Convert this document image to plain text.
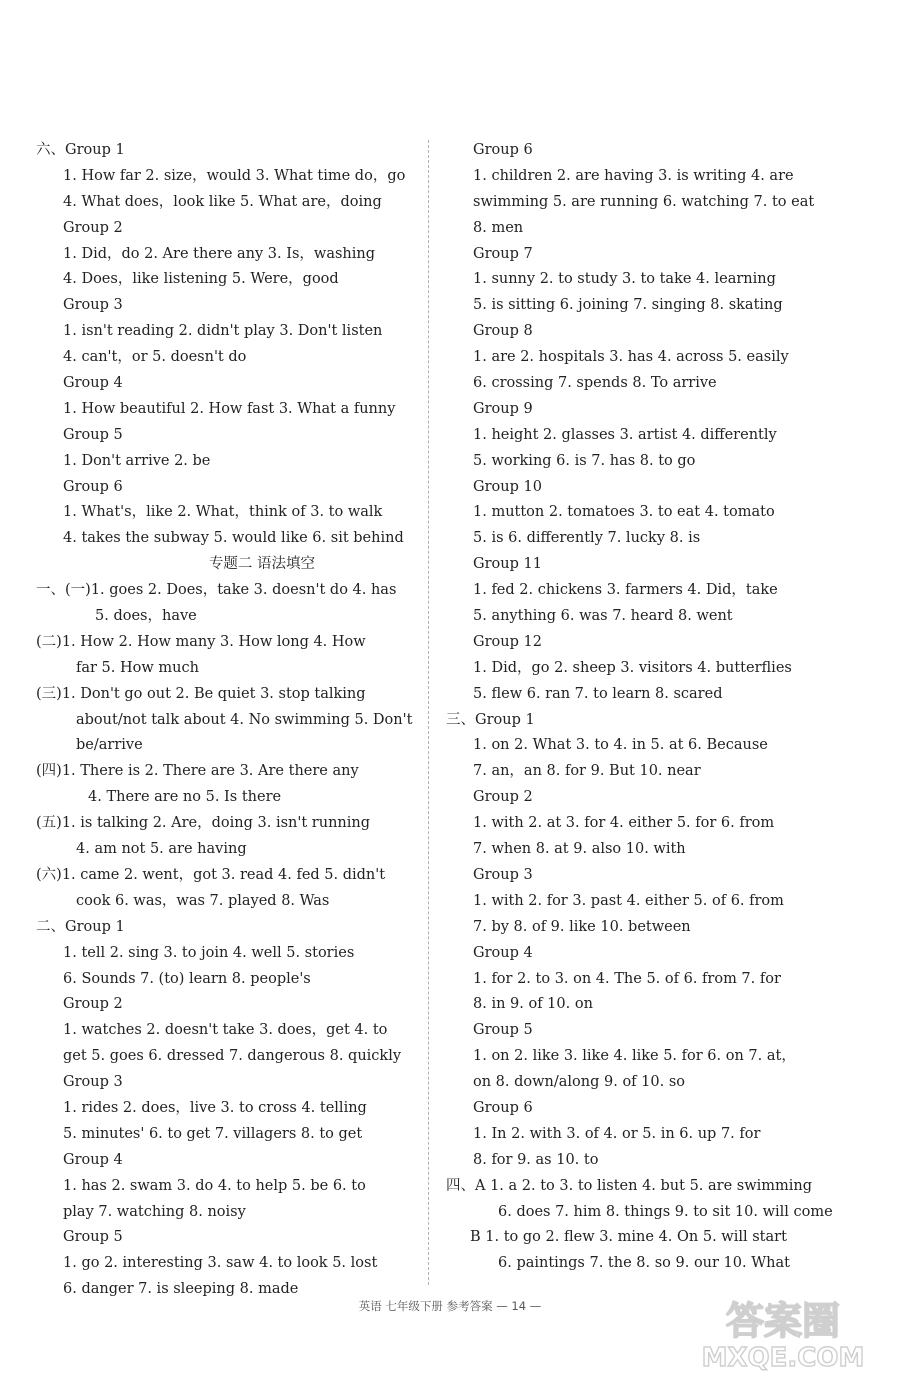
六、Group 1
1. How far 2. size，would 3. What time do，go
4. What does，look like 5. What are，doing
Group 2
1. Did，do 2. Are there any 3. Is，washing
4. Does，like listening 5. Were，good
Group 3
1. isn't reading 2. didn't play 3. Don't listen
4. can't，or 5. doesn't do
Group 4
1. How beautiful 2. How fast 3. What a funny
Group 5
1. Don't arrive 2. be
Group 6
1. What's，like 2. What，think of 3. to walk
4. takes the subway 5. would like 6. sit behind
专题二 语法填空
一、(一)1. goes 2. Does，take 3. doesn't do 4. has
5. does，have
(二)1. How 2. How many 3. How long 4. How
far 5. How much
(三)1. Don't go out 2. Be quiet 3. stop talking
about/not talk about 4. No swimming 5. Don't
be/arrive
(四)1. There is 2. There are 3. Are there any
4. There are no 5. Is there
(五)1. is talking 2. Are，doing 3. isn't running
4. am not 5. are having
(六)1. came 2. went，got 3. read 4. fed 5. didn't
cook 6. was，was 7. played 8. Was
二、Group 1
1. tell 2. sing 3. to join 4. well 5. stories
6. Sounds 7. (to) learn 8. people's
Group 2
1. watches 2. doesn't take 3. does，get 4. to
get 5. goes 6. dressed 7. dangerous 8. quickly
Group 3
1. rides 2. does，live 3. to cross 4. telling
5. minutes' 6. to get 7. villagers 8. to get
Group 4
1. has 2. swam 3. do 4. to help 5. be 6. to
play 7. watching 8. noisy
Group 5
1. go 2. interesting 3. saw 4. to look 5. lost
6. danger 7. is sleeping 8. made
Group 6
1. children 2. are having 3. is writing 4. are
swimming 5. are running 6. watching 7. to eat
8. men
Group 7
1. sunny 2. to study 3. to take 4. learning
5. is sitting 6. joining 7. singing 8. skating
Group 8
1. are 2. hospitals 3. has 4. across 5. easily
6. crossing 7. spends 8. To arrive
Group 9
1. height 2. glasses 3. artist 4. differently
5. working 6. is 7. has 8. to go
Group 10
1. mutton 2. tomatoes 3. to eat 4. tomato
5. is 6. differently 7. lucky 8. is
Group 11
1. fed 2. chickens 3. farmers 4. Did，take
5. anything 6. was 7. heard 8. went
Group 12
1. Did，go 2. sheep 3. visitors 4. butterflies
5. flew 6. ran 7. to learn 8. scared
三、Group 1
1. on 2. What 3. to 4. in 5. at 6. Because
7. an，an 8. for 9. But 10. near
Group 2
1. with 2. at 3. for 4. either 5. for 6. from
7. when 8. at 9. also 10. with
Group 3
1. with 2. for 3. past 4. either 5. of 6. from
7. by 8. of 9. like 10. between
Group 4
1. for 2. to 3. on 4. The 5. of 6. from 7. for
8. in 9. of 10. on
Group 5
1. on 2. like 3. like 4. like 5. for 6. on 7. at，
on 8. down/along 9. of 10. so
Group 6
1. In 2. with 3. of 4. or 5. in 6. up 7. for
8. for 9. as 10. to
四、A 1. a 2. to 3. to listen 4. but 5. are swimming
6. does 7. him 8. things 9. to sit 10. will come
B 1. to go 2. flew 3. mine 4. On 5. will start
6. paintings 7. the 8. so 9. our 10. What
英语 七年级下册 参考答案 — 14 —	答案圈
MXQE.COM
